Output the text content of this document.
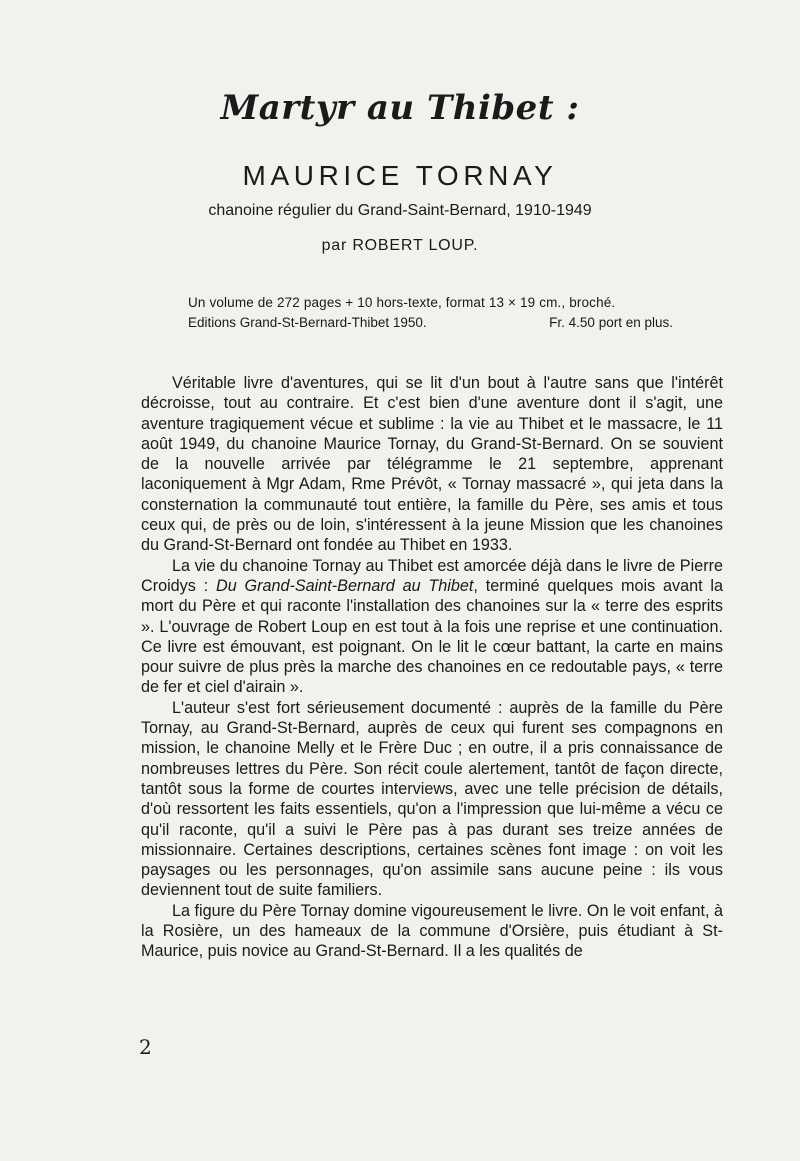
Martyr au Thibet :
MAURICE TORNAY
chanoine régulier du Grand-Saint-Bernard, 1910-1949
par ROBERT LOUP.
Un volume de 272 pages + 10 hors-texte, format 13 × 19 cm., broché.
Editions Grand-St-Bernard-Thibet 1950.	Fr. 4.50 port en plus.

Véritable livre d'aventures, qui se lit d'un bout à l'autre sans que l'intérêt décroisse, tout au contraire. Et c'est bien d'une aventure dont il s'agit, une aventure tragiquement vécue et sublime : la vie au Thibet et le massacre, le 11 août 1949, du chanoine Maurice Tornay, du Grand-St-Bernard. On se souvient de la nouvelle arrivée par télégramme le 21 septembre, apprenant laconiquement à Mgr Adam, Rme Prévôt, « Tornay massacré », qui jeta dans la consternation la communauté tout entière, la famille du Père, ses amis et tous ceux qui, de près ou de loin, s'intéressent à la jeune Mission que les chanoines du Grand-St-Bernard ont fondée au Thibet en 1933.

La vie du chanoine Tornay au Thibet est amorcée déjà dans le livre de Pierre Croidys : Du Grand-Saint-Bernard au Thibet, terminé quelques mois avant la mort du Père et qui raconte l'installation des chanoines sur la « terre des esprits ». L'ouvrage de Robert Loup en est tout à la fois une reprise et une continuation. Ce livre est émouvant, est poignant. On le lit le cœur battant, la carte en mains pour suivre de plus près la marche des chanoines en ce redoutable pays, « terre de fer et ciel d'airain ».

L'auteur s'est fort sérieusement documenté : auprès de la famille du Père Tornay, au Grand-St-Bernard, auprès de ceux qui furent ses compagnons en mission, le chanoine Melly et le Frère Duc ; en outre, il a pris connaissance de nombreuses lettres du Père. Son récit coule alertement, tantôt de façon directe, tantôt sous la forme de courtes interviews, avec une telle précision de détails, d'où ressortent les faits essentiels, qu'on a l'impression que lui-même a vécu ce qu'il raconte, qu'il a suivi le Père pas à pas durant ses treize années de missionnaire. Certaines descriptions, certaines scènes font image : on voit les paysages ou les personnages, qu'on assimile sans aucune peine : ils vous deviennent tout de suite familiers.

La figure du Père Tornay domine vigoureusement le livre. On le voit enfant, à la Rosière, un des hameaux de la commune d'Orsière, puis étudiant à St-Maurice, puis novice au Grand-St-Bernard. Il a les qualités de

2
